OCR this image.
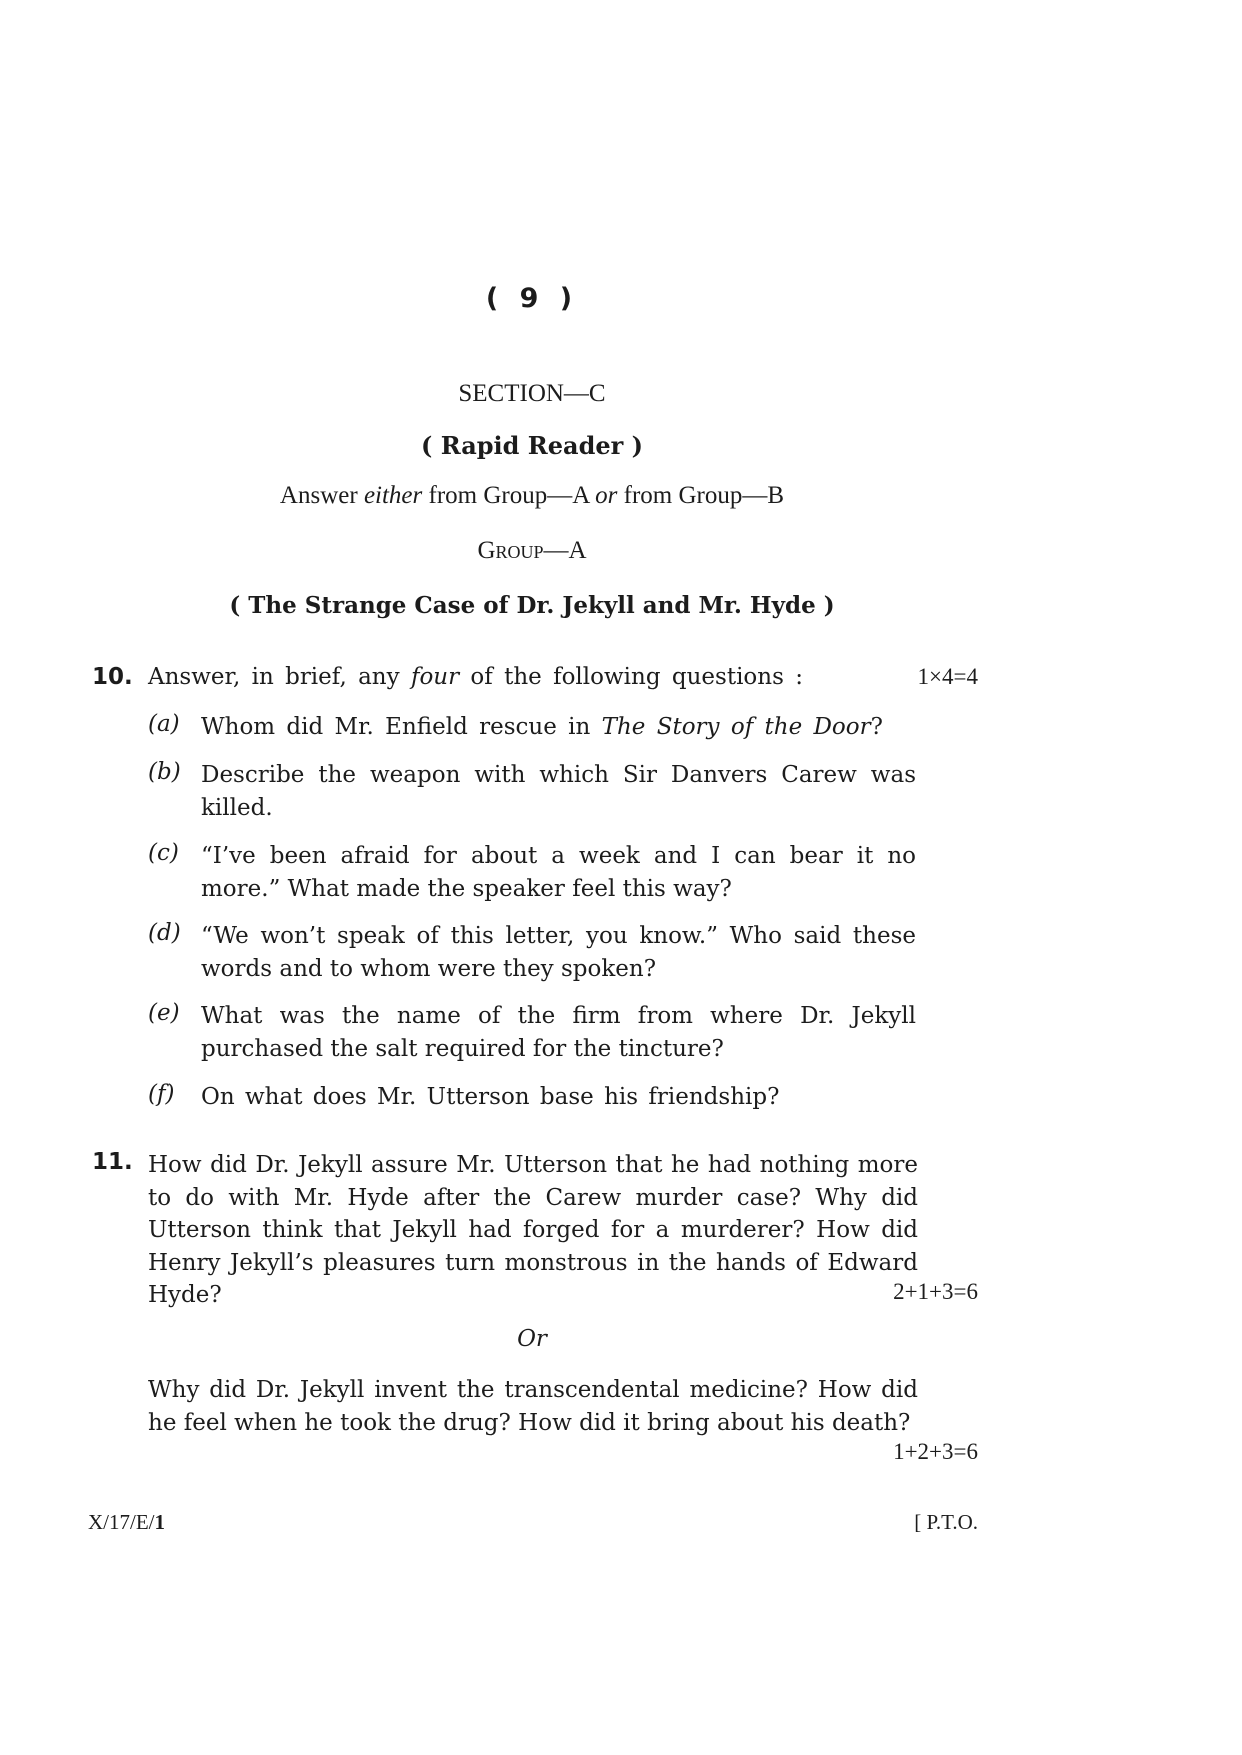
( 9 )
SECTION—C
( Rapid Reader )
Answer either from Group—A or from Group—B
Group—A
( The Strange Case of Dr. Jekyll and Mr. Hyde )
10. Answer, in brief, any four of the following questions :	1×4=4
(a) Whom did Mr. Enfield rescue in The Story of the Door?
(b) Describe the weapon with which Sir Danvers Carew was killed.
(c) “I’ve been afraid for about a week and I can bear it no more.” What made the speaker feel this way?
(d) “We won’t speak of this letter, you know.” Who said these words and to whom were they spoken?
(e) What was the name of the firm from where Dr. Jekyll purchased the salt required for the tincture?
(f) On what does Mr. Utterson base his friendship?
11. How did Dr. Jekyll assure Mr. Utterson that he had nothing more to do with Mr. Hyde after the Carew murder case? Why did Utterson think that Jekyll had forged for a murderer? How did Henry Jekyll’s pleasures turn monstrous in the hands of Edward Hyde?	2+1+3=6
Or
Why did Dr. Jekyll invent the transcendental medicine? How did he feel when he took the drug? How did it bring about his death?
1+2+3=6
X/17/E/1	[ P.T.O.
